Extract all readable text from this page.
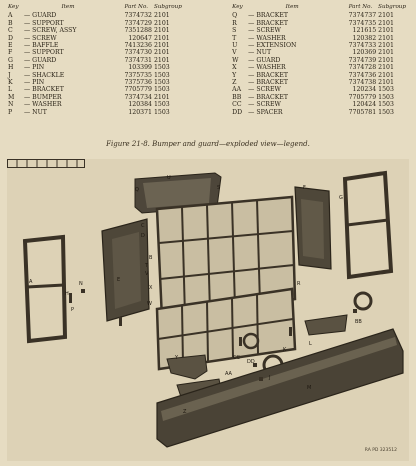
Key	Item	Part No.	Subgroup
A	— GUARD	7374732	2101
B	— SUPPORT	7374729	2101
C	— SCREW, ASSY	7351288	2101
D	— SCREW	120647	2101
E	— BAFFLE	7413236	2101
F	— SUPPORT	7374730	2101
G	— GUARD	7374731	2101
H	— PIN	103399	1503
J	— SHACKLE	7375735	1503
K	— PIN	7375736	1503
L	— BRACKET	7705779	1503
M	— BUMPER	7374734	2101
N	— WASHER	120384	1503
P	— NUT	120371	1503
Key	Item	Part No.	Subgroup
Q	— BRACKET	7374737	2101
R	— BRACKET	7374735	2101
S	— SCREW	121615	2101
T	— WASHER	120382	2101
U	— EXTENSION	7374733	2101
V	— NUT	120369	2101
W	— GUARD	7374739	2101
X	— WASHER	7374728	2101
Y	— BRACKET	7374736	2101
Z	— BRACKET	7374738	2101
AA	— SCREW	120234	1503
BB	— BRACKET	7705779	1503
CC	— SCREW	120424	1503
DD	— SPACER	7705781	1503
Figure 21-8. Bumper and guard—exploded view—legend.
RA PD 323512
A
B
C
D
E
F
G
H
J
K
L
M
N
P
Q
R
S
T
U
V
W
X
Y
Z
AA
BB
CC
DD
